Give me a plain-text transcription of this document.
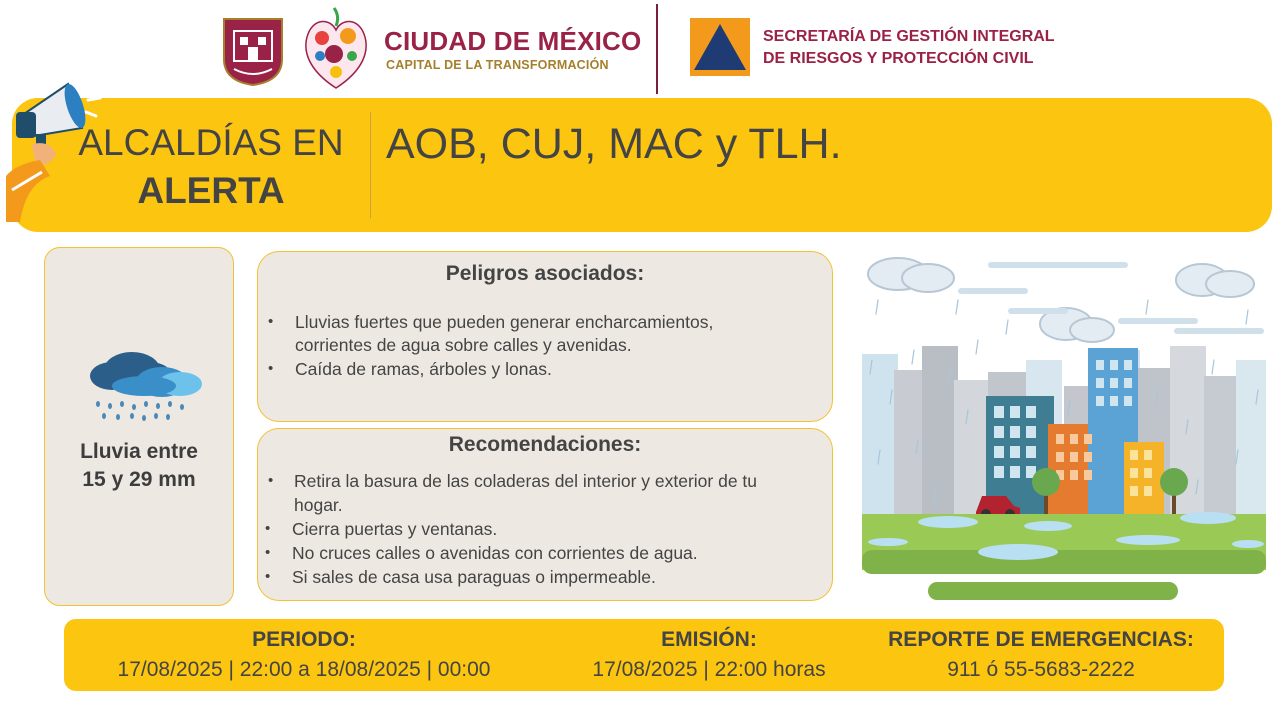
CIUDAD DE MÉXICO
CAPITAL DE LA TRANSFORMACIÓN
SECRETARÍA DE GESTIÓN INTEGRAL
DE RIESGOS Y PROTECCIÓN CIVIL
ALCALDÍAS EN
ALERTA
AOB, CUJ, MAC y TLH.
Lluvia entre
15 y 29 mm
Peligros asociados:
• Lluvias fuertes que pueden generar encharcamientos,
corrientes de agua sobre calles y avenidas.
• Caída de ramas, árboles y lonas.
Recomendaciones:
• Retira la basura de las coladeras del interior y exterior de tu
hogar.
• Cierra puertas y ventanas.
• No cruces calles o avenidas con corrientes de agua.
• Si sales de casa usa paraguas o impermeable.
PERIODO:
17/08/2025 | 22:00 a 18/08/2025 | 00:00
EMISIÓN:
17/08/2025 | 22:00 horas
REPORTE DE EMERGENCIAS:
911 ó 55-5683-2222
